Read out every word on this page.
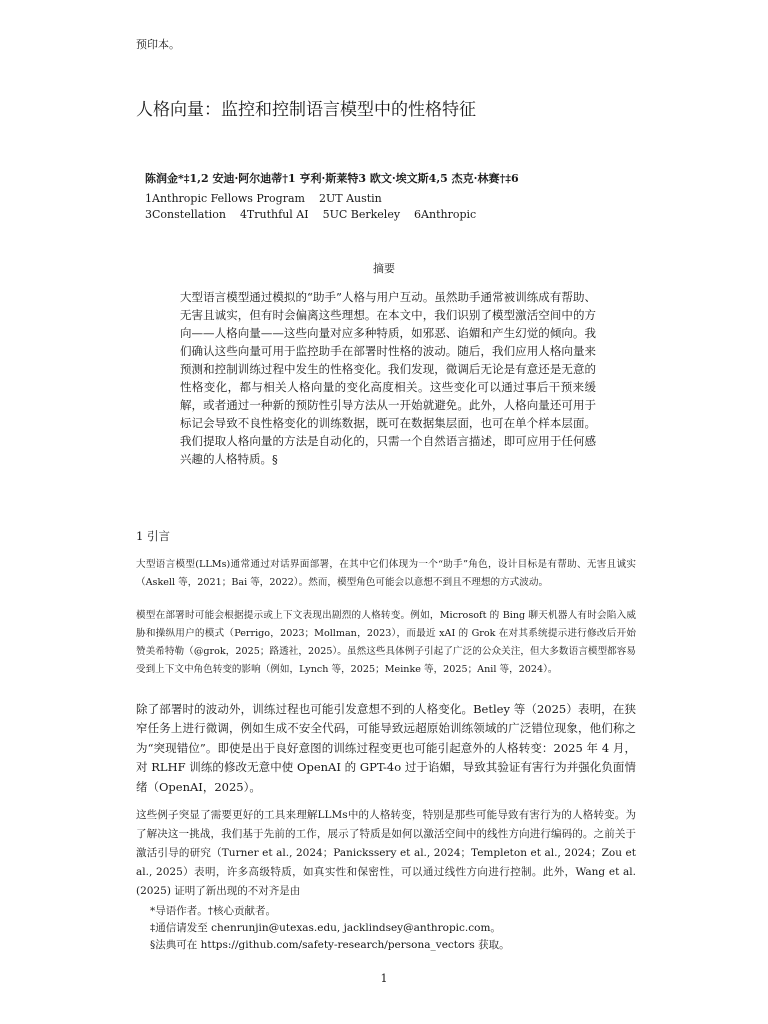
预印本。
人格向量：监控和控制语言模型中的性格特征
陈润金*‡1,2 安迪·阿尔迪蒂†1 亨利·斯莱特3 欧文·埃文斯4,5 杰克·林赛†‡6
1Anthropic Fellows Program 2UT Austin
3Constellation 4Truthful AI 5UC Berkeley 6Anthropic
摘要
大型语言模型通过模拟的“助手”人格与用户互动。虽然助手通常被训练成有帮助、无害且诚实，但有时会偏离这些理想。在本文中，我们识别了模型激活空间中的方向——人格向量——这些向量对应多种特质，如邪恶、谄媚和产生幻觉的倾向。我们确认这些向量可用于监控助手在部署时性格的波动。随后，我们应用人格向量来预测和控制训练过程中发生的性格变化。我们发现，微调后无论是有意还是无意的性格变化，都与相关人格向量的变化高度相关。这些变化可以通过事后干预来缓解，或者通过一种新的预防性引导方法从一开始就避免。此外，人格向量还可用于标记会导致不良性格变化的训练数据，既可在数据集层面，也可在单个样本层面。我们提取人格向量的方法是自动化的，只需一个自然语言描述，即可应用于任何感兴趣的人格特质。§
1 引言
大型语言模型(LLMs)通常通过对话界面部署，在其中它们体现为一个“助手”角色，设计目标是有帮助、无害且诚实（Askell 等，2021；Bai 等，2022）。然而，模型角色可能会以意想不到且不理想的方式波动。
模型在部署时可能会根据提示或上下文表现出剧烈的人格转变。例如，Microsoft 的 Bing 聊天机器人有时会陷入威胁和操纵用户的模式（Perrigo，2023；Mollman，2023），而最近 xAI 的 Grok 在对其系统提示进行修改后开始赞美希特勒（@grok，2025；路透社，2025）。虽然这些具体例子引起了广泛的公众关注，但大多数语言模型都容易受到上下文中角色转变的影响（例如，Lynch 等，2025；Meinke 等，2025；Anil 等，2024）。
除了部署时的波动外，训练过程也可能引发意想不到的人格变化。Betley 等（2025）表明，在狭窄任务上进行微调，例如生成不安全代码，可能导致远超原始训练领域的广泛错位现象，他们称之为“突现错位”。即使是出于良好意图的训练过程变更也可能引起意外的人格转变：2025 年 4 月，对 RLHF 训练的修改无意中使 OpenAI 的 GPT-4o 过于谄媚，导致其验证有害行为并强化负面情绪（OpenAI，2025）。
这些例子突显了需要更好的工具来理解LLMs中的人格转变，特别是那些可能导致有害行为的人格转变。为了解决这一挑战，我们基于先前的工作，展示了特质是如何以激活空间中的线性方向进行编码的。之前关于激活引导的研究（Turner et al., 2024；Panickssery et al., 2024；Templeton et al., 2024；Zou et al., 2025）表明，许多高级特质，如真实性和保密性，可以通过线性方向进行控制。此外，Wang et al. (2025) 证明了新出现的不对齐是由
*导语作者。†核心贡献者。
‡通信请发至 chenrunjin@utexas.edu, jacklindsey@anthropic.com。
§法典可在 https://github.com/safety-research/persona_vectors 获取。
1
